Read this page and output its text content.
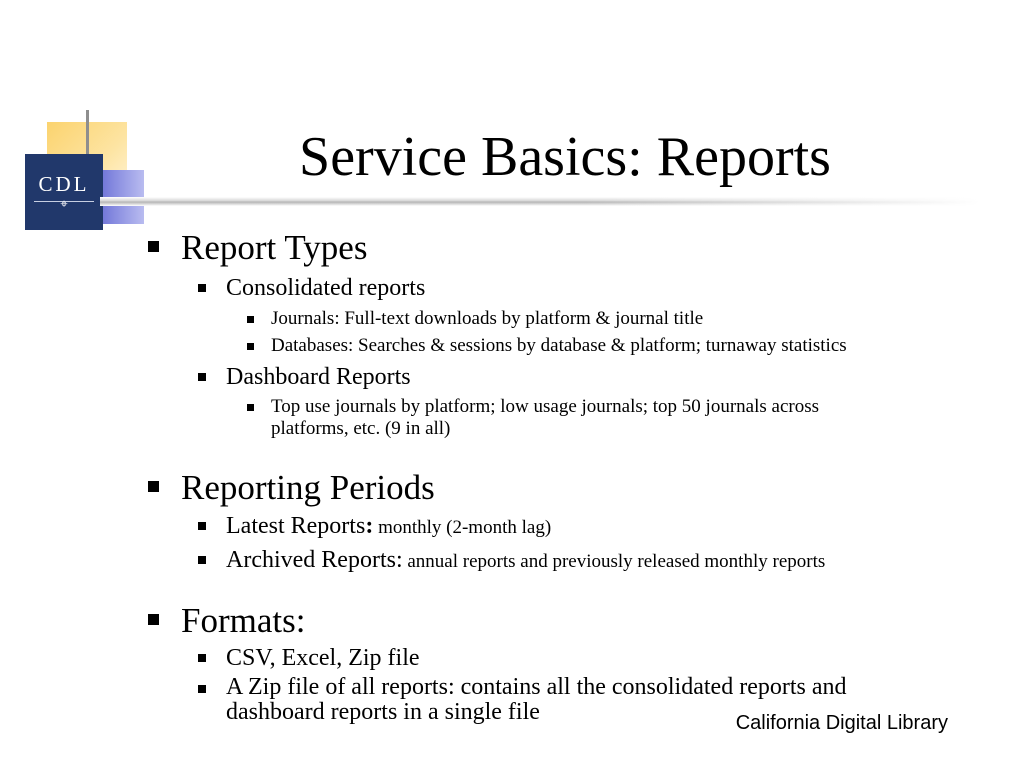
CDL
⌖
Service Basics: Reports
Report Types
Consolidated reports
Journals: Full-text downloads by platform & journal title
Databases: Searches & sessions by database & platform; turnaway statistics
Dashboard Reports
Top use journals by platform; low usage journals; top 50 journals across
platforms, etc. (9 in all)
Reporting Periods
Latest Reports: monthly (2-month lag)
Archived Reports: annual reports and previously released monthly reports
Formats:
CSV, Excel, Zip file
A Zip file of all reports: contains all the consolidated reports and
dashboard reports in a single file	California Digital Library
